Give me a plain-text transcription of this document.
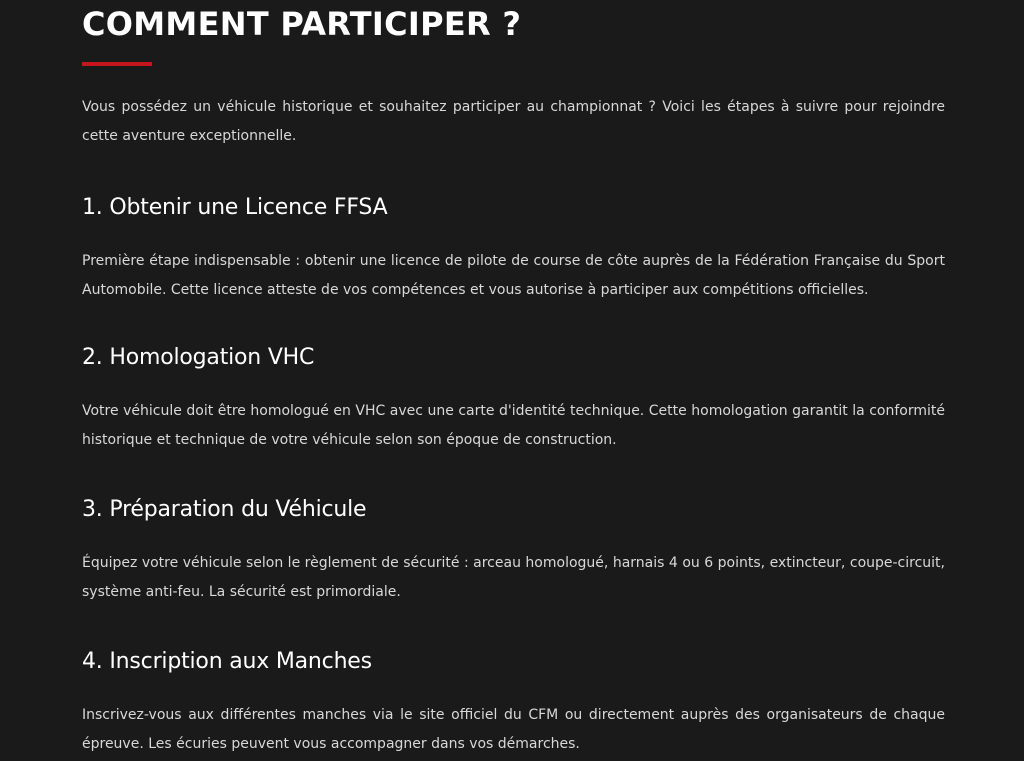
COMMENT PARTICIPER ?

Vous possédez un véhicule historique et souhaitez participer au championnat ? Voici les étapes à suivre pour rejoindre cette aventure exceptionnelle.

1. Obtenir une Licence FFSA

Première étape indispensable : obtenir une licence de pilote de course de côte auprès de la Fédération Française du Sport Automobile. Cette licence atteste de vos compétences et vous autorise à participer aux compétitions officielles.

2. Homologation VHC

Votre véhicule doit être homologué en VHC avec une carte d'identité technique. Cette homologation garantit la conformité historique et technique de votre véhicule selon son époque de construction.

3. Préparation du Véhicule

Équipez votre véhicule selon le règlement de sécurité : arceau homologué, harnais 4 ou 6 points, extincteur, coupe-circuit, système anti-feu. La sécurité est primordiale.

4. Inscription aux Manches

Inscrivez-vous aux différentes manches via le site officiel du CFM ou directement auprès des organisateurs de chaque épreuve. Les écuries peuvent vous accompagner dans vos démarches.
